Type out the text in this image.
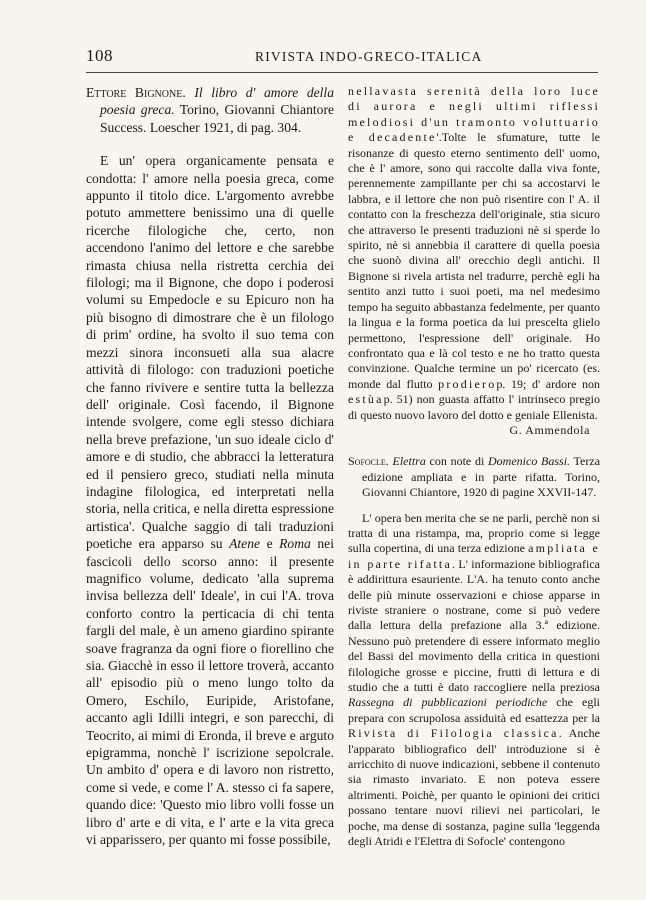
108	RIVISTA INDO-GRECO-ITALICA

Ettore Bignone. Il libro d' amore della poesia greca. Torino, Giovanni Chiantore Success. Loescher 1921, di pag. 304.

E un' opera organicamente pensata e condotta: l' amore nella poesia greca, come appunto il titolo dice. L'argomento avrebbe potuto ammettere benissimo una di quelle ricerche filologiche che, certo, non accendono l'animo del lettore e che sarebbe rimasta chiusa nella ristretta cerchia dei filologi; ma il Bignone, che dopo i poderosi volumi su Empedocle e su Epicuro non ha più bisogno di dimostrare che è un filologo di prim' ordine, ha svolto il suo tema con mezzi sinora inconsueti alla sua alacre attività di filologo: con traduzioni poetiche che fanno rivivere e sentire tutta la bellezza dell' originale. Così facendo, il Bignone intende svolgere, come egli stesso dichiara nella breve prefazione, 'un suo ideale ciclo d' amore e di studio, che abbracci la letteratura ed il pensiero greco, studiati nella minuta indagine filologica, ed interpretati nella storia, nella critica, e nella diretta espressione artistica'. Qualche saggio di tali traduzioni poetiche era apparso su Atene e Roma nei fascicoli dello scorso anno: il presente magnifico volume, dedicato 'alla suprema invisa bellezza dell' Ideale', in cui l'A. trova conforto contro la perticacia di chi tenta fargli del male, è un ameno giardino spirante soave fragranza da ogni fiore o fiorellino che sia. Giacchè in esso il lettore troverà, accanto all' episodio più o meno lungo tolto da Omero, Eschilo, Euripide, Aristofane, accanto agli Idilli integri, e son parecchi, di Teocrito, ai mimi di Eronda, il breve e arguto epigramma, nonchè l' iscrizione sepolcrale. Un ambito d' opera e di lavoro non ristretto, come si vede, e come l' A. stesso ci fa sapere, quando dice: 'Questo mio libro volli fosse un libro d' arte e di vita, e l' arte e la vita greca vi apparissero, per quanto mi fosse possibile,

nellavasta serenità della loro luce di aurora e negli ultimi riflessi melodiosi d'un tramonto voluttuario e decadente'.Tolte le sfumature, tutte le risonanze di questo eterno sentimento dell' uomo, che è l' amore, sono qui raccolte dalla viva fonte, perennemente zampillante per chi sa accostarvi le labbra, e il lettore che non può risentire con l' A. il contatto con la freschezza dell'originale, stia sicuro che attraverso le presenti traduzioni nè si sperde lo spirito, nè si annebbia il carattere di quella poesia che suonò divina all' orecchio degli antichi. Il Bignone si rivela artista nel tradurre, perchè egli ha sentito anzi tutto i suoi poeti, ma nel medesimo tempo ha seguito abbastanza fedelmente, per quanto la lingua e la forma poetica da lui prescelta glielo permettono, l'espressione dell' originale. Ho confrontato qua e là col testo e ne ho tratto questa convinzione. Qualche termine un po' ricercato (es. monde dal flutto prodierop. 19; d' ardore non estùap. 51) non guasta affatto l' intrinseco pregio di questo nuovo lavoro del dotto e geniale Ellenista.

G. Ammendola

Sofocle. Elettra con note di Domenico Bassi. Terza edizione ampliata e in parte rifatta. Torino, Giovanni Chiantore, 1920 di pagine XXVII-147.

L' opera ben merita che se ne parli, perchè non si tratta di una ristampa, ma, proprio come si legge sulla copertina, di una terza edizione ampliata e in parte rifatta. L' informazione bibliografica è addirittura esauriente. L'A. ha tenuto conto anche delle più minute osservazioni e chiose apparse in riviste straniere o nostrane, come si può vedere dalla lettura della prefazione alla 3.ª edizione. Nessuno può pretendere di essere informato meglio del Bassi del movimento della critica in questioni filologiche grosse e piccine, frutti di lettura e di studio che a tutti è dato raccogliere nella preziosa Rassegna di pubblicazioni periodiche che egli prepara con scrupolosa assiduità ed esattezza per la Rivista di Filologia classica. Anche l'apparato bibliografico dell' introduzione si è arricchito di nuove indicazioni, sebbene il contenuto sia rimasto invariato. E non poteva essere altrimenti. Poichè, per quanto le opinioni dei critici possano tentare nuovi rilievi nei particolari, le poche, ma dense di sostanza, pagine sulla 'leggenda degli Atridi e l'Elettra di Sofocle' contengono
